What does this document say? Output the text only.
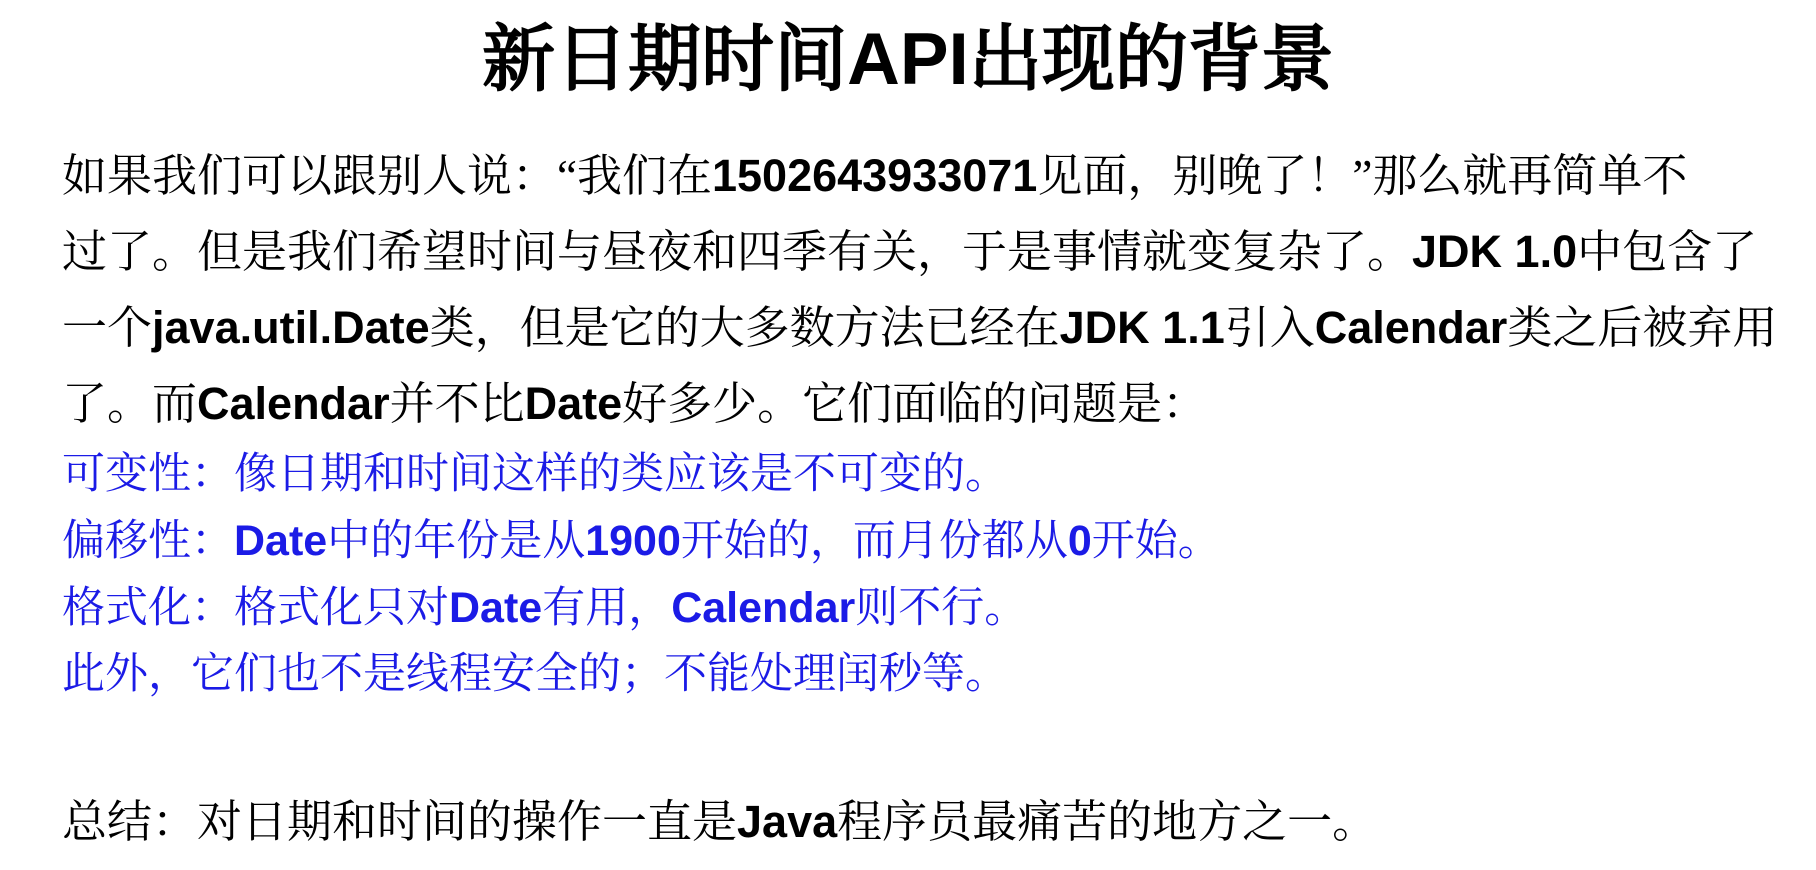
新日期时间API出现的背景
如果我们可以跟别人说：“我们在1502643933071见面，别晚了！”那么就再简单不
过了。但是我们希望时间与昼夜和四季有关，于是事情就变复杂了。JDK 1.0中包含了
一个java.util.Date类，但是它的大多数方法已经在JDK 1.1引入Calendar类之后被弃用
了。而Calendar并不比Date好多少。它们面临的问题是：
可变性：像日期和时间这样的类应该是不可变的。
偏移性：Date中的年份是从1900开始的，而月份都从0开始。
格式化：格式化只对Date有用，Calendar则不行。
此外，它们也不是线程安全的；不能处理闰秒等。
总结：对日期和时间的操作一直是Java程序员最痛苦的地方之一。
